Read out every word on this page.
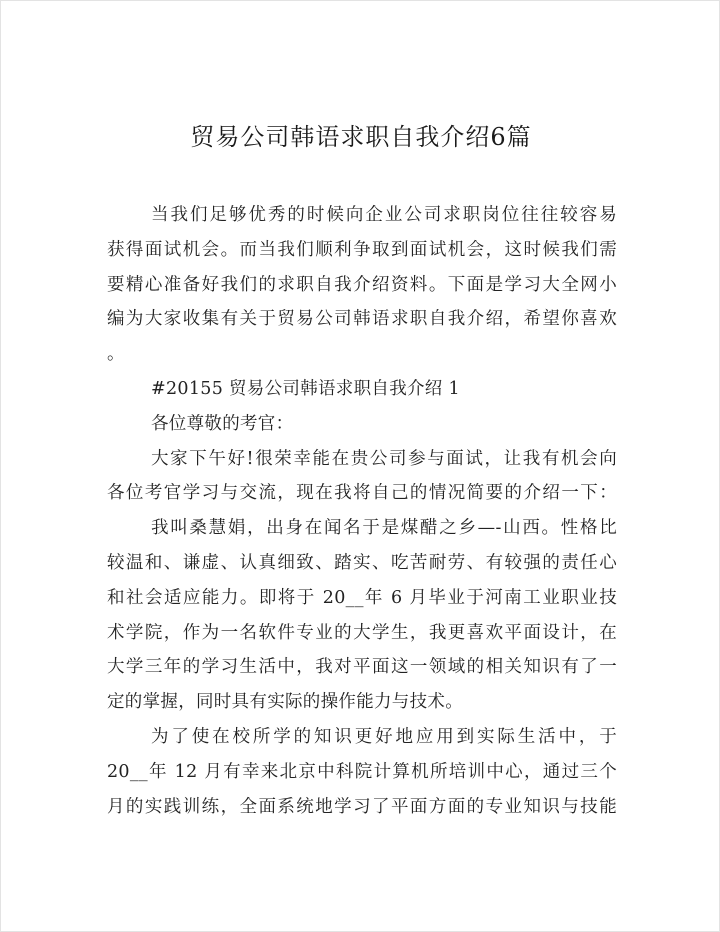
贸易公司韩语求职自我介绍6篇
当我们足够优秀的时候向企业公司求职岗位往往较容易
获得面试机会。而当我们顺利争取到面试机会，这时候我们需
要精心准备好我们的求职自我介绍资料。下面是学习大全网小
编为大家收集有关于贸易公司韩语求职自我介绍，希望你喜欢
。
#20155 贸易公司韩语求职自我介绍 1
各位尊敬的考官：
大家下午好!很荣幸能在贵公司参与面试，让我有机会向
各位考官学习与交流，现在我将自己的情况简要的介绍一下：
我叫桑慧娟，出身在闻名于是煤醋之乡—-山西。性格比
较温和、谦虚、认真细致、踏实、吃苦耐劳、有较强的责任心
和社会适应能力。即将于 20__年 6 月毕业于河南工业职业技
术学院，作为一名软件专业的大学生，我更喜欢平面设计，在
大学三年的学习生活中，我对平面这一领域的相关知识有了一
定的掌握，同时具有实际的操作能力与技术。
为了使在校所学的知识更好地应用到实际生活中，于
20__年 12 月有幸来北京中科院计算机所培训中心，通过三个
月的实践训练，全面系统地学习了平面方面的专业知识与技能
